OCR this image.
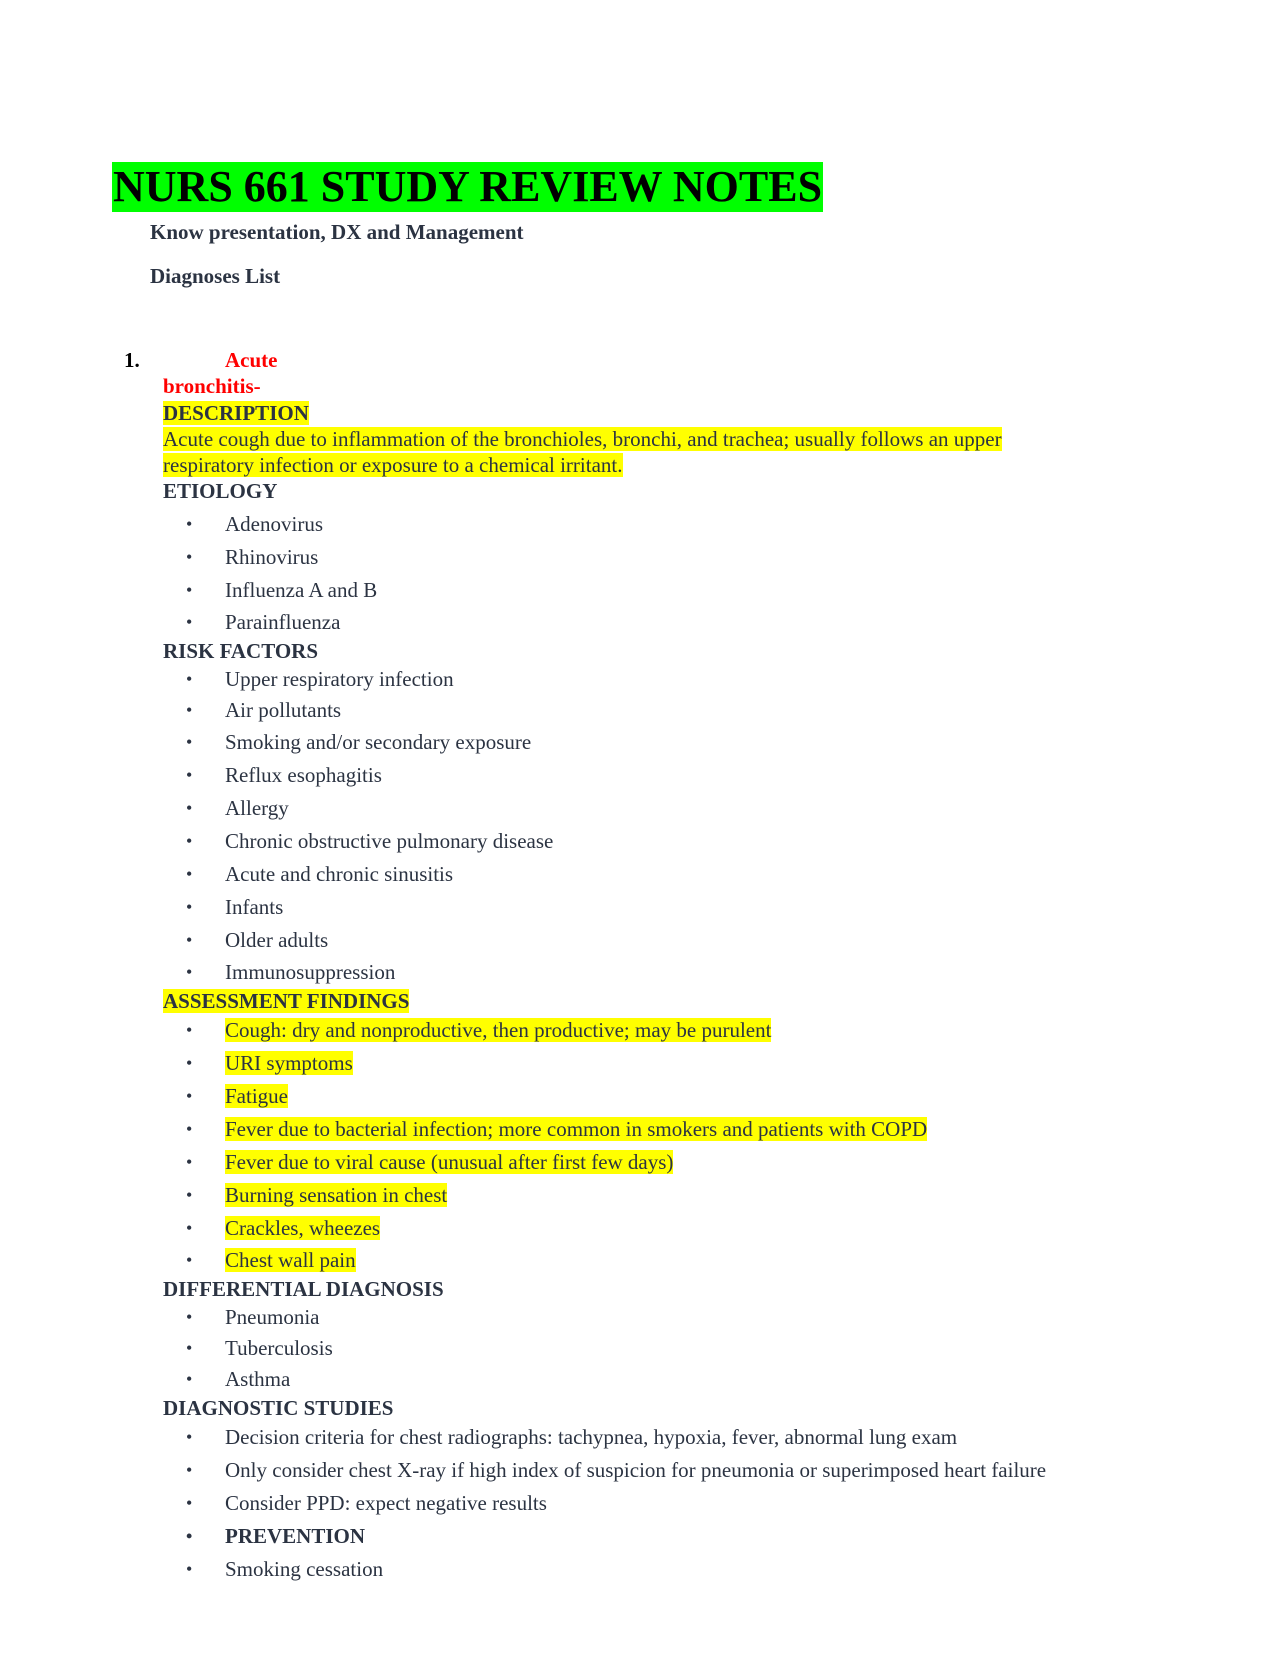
NURS 661 STUDY REVIEW NOTES
Know presentation, DX and Management
Diagnoses List
1.	Acute
bronchitis-
DESCRIPTION
Acute cough due to inflammation of the bronchioles, bronchi, and trachea; usually follows an upper
respiratory infection or exposure to a chemical irritant.
ETIOLOGY
• Adenovirus
• Rhinovirus
• Influenza A and B
• Parainfluenza
RISK FACTORS
• Upper respiratory infection
• Air pollutants
• Smoking and/or secondary exposure
• Reflux esophagitis
• Allergy
• Chronic obstructive pulmonary disease
• Acute and chronic sinusitis
• Infants
• Older adults
• Immunosuppression
ASSESSMENT FINDINGS
• Cough: dry and nonproductive, then productive; may be purulent
• URI symptoms
• Fatigue
• Fever due to bacterial infection; more common in smokers and patients with COPD
• Fever due to viral cause (unusual after first few days)
• Burning sensation in chest
• Crackles, wheezes
• Chest wall pain
DIFFERENTIAL DIAGNOSIS
• Pneumonia
• Tuberculosis
• Asthma
DIAGNOSTIC STUDIES
• Decision criteria for chest radiographs: tachypnea, hypoxia, fever, abnormal lung exam
• Only consider chest X-ray if high index of suspicion for pneumonia or superimposed heart failure
• Consider PPD: expect negative results
• PREVENTION
• Smoking cessation
